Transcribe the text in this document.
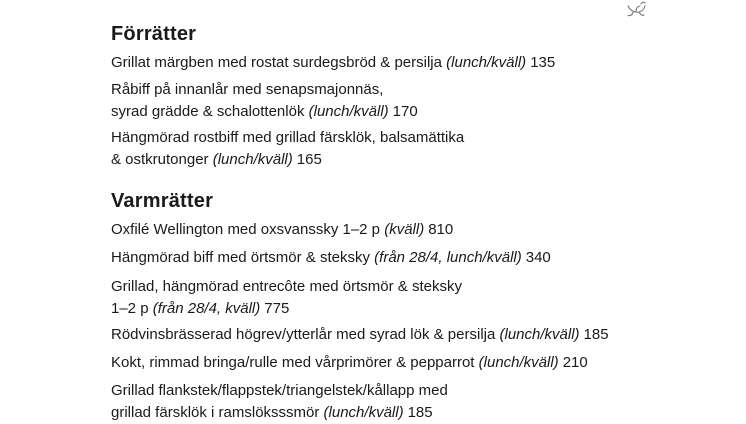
Förrätter

Grillat märgben med rostat surdegsbröd & persilja (lunch/kväll) 135

Råbiff på innanlår med senapsmajonnäs,
syrad grädde & schalottenlök (lunch/kväll) 170

Hängmörad rostbiff med grillad färsklök, balsamättika
& ostkrutonger (lunch/kväll) 165

Varmrätter

Oxfilé Wellington med oxsvanssky 1–2 p (kväll) 810

Hängmörad biff med örtsmör & steksky (från 28/4, lunch/kväll) 340

Grillad, hängmörad entrecôte med örtsmör & steksky
1–2 p (från 28/4, kväll) 775

Rödvinsbrässerad högrev/ytterlår med syrad lök & persilja (lunch/kväll) 185

Kokt, rimmad bringa/rulle med vårprimörer & pepparrot (lunch/kväll) 210

Grillad flankstek/flappstek/triangelstek/kållapp med
grillad färsklök i ramslöksssmör (lunch/kväll) 185
